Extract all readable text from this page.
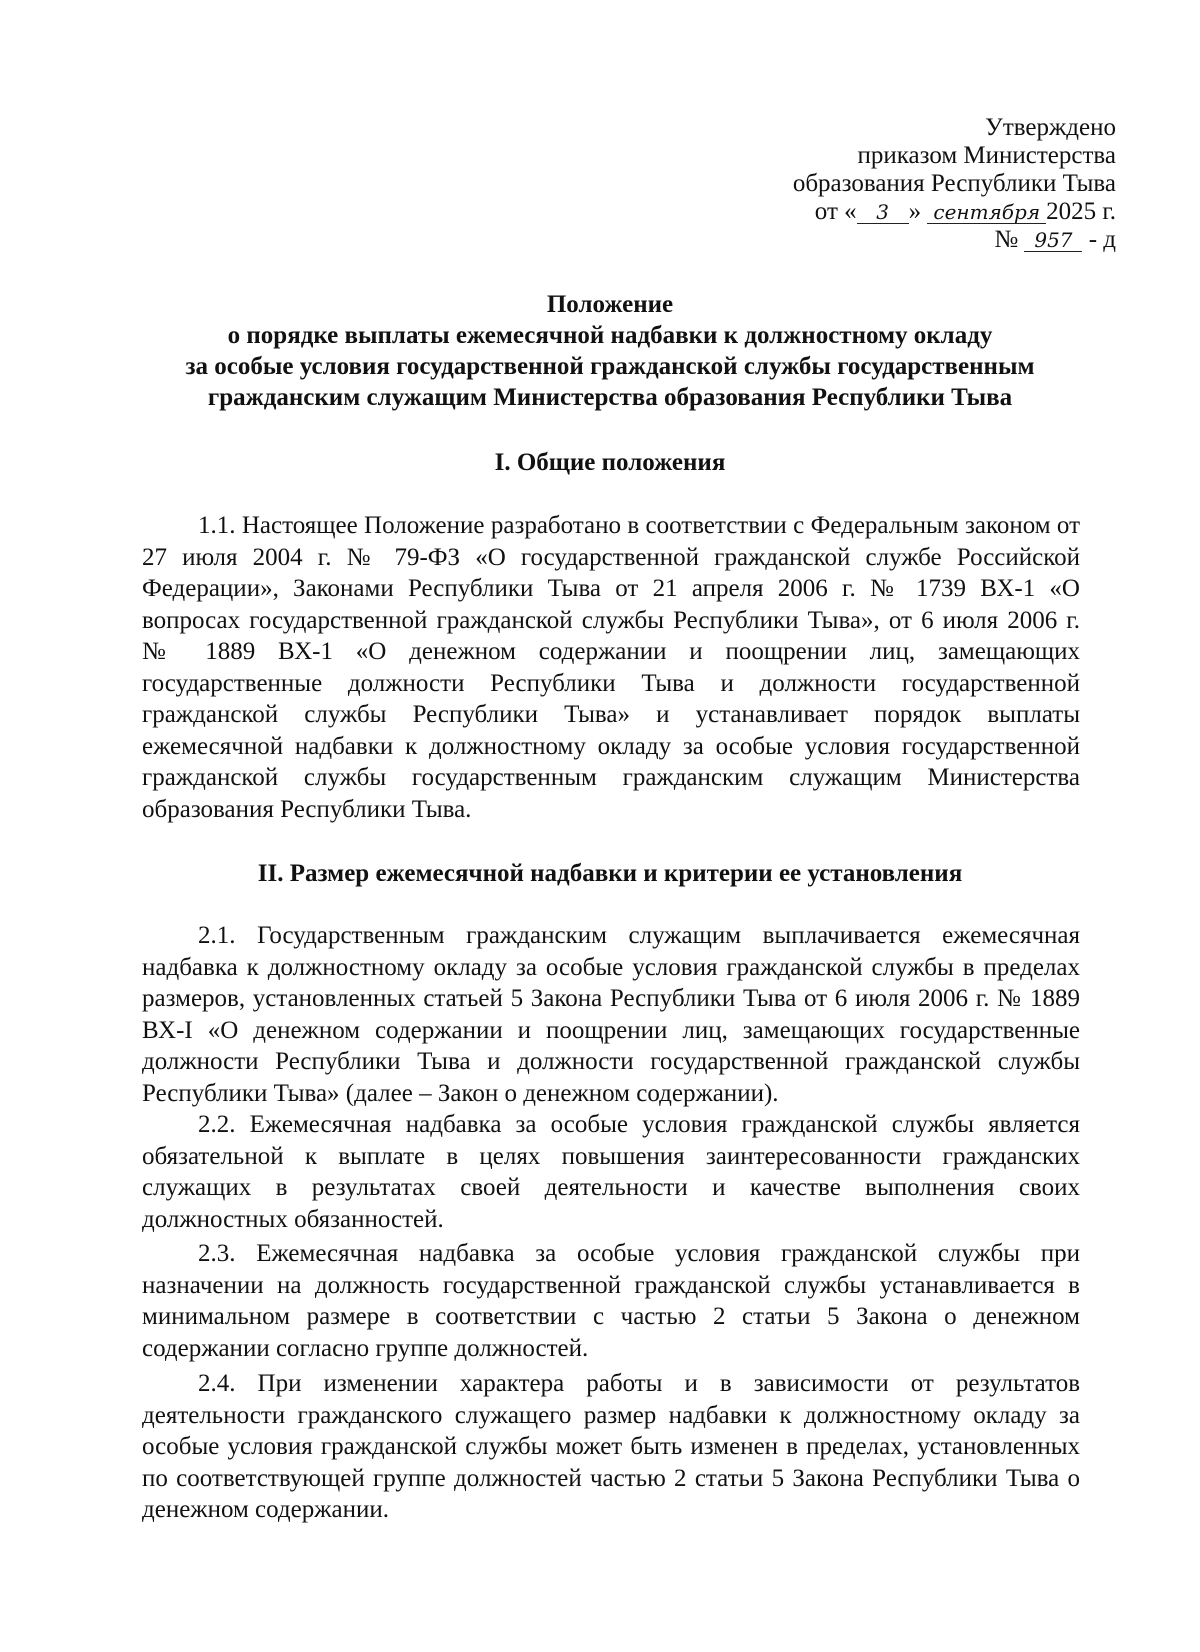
Утверждено
приказом Министерства
образования Республики Тыва
от « 3 » сентября 2025 г.
№ 957 - д
Положение
о порядке выплаты ежемесячной надбавки к должностному окладу
за особые условия государственной гражданской службы государственным
гражданским служащим Министерства образования Республики Тыва
I. Общие положения

1.1. Настоящее Положение разработано в соответствии с Федеральным законом от 27 июля 2004 г. № 79-ФЗ «О государственной гражданской службе Российской Федерации», Законами Республики Тыва от 21 апреля 2006 г. № 1739 ВХ-1 «О вопросах государственной гражданской службы Республики Тыва», от 6 июля 2006 г. № 1889 ВХ-1 «О денежном содержании и поощрении лиц, замещающих государственные должности Республики Тыва и должности государственной гражданской службы Республики Тыва» и устанавливает порядок выплаты ежемесячной надбавки к должностному окладу за особые условия государственной гражданской службы государственным гражданским служащим Министерства образования Республики Тыва.

II. Размер ежемесячной надбавки и критерии ее установления

2.1. Государственным гражданским служащим выплачивается ежемесячная надбавка к должностному окладу за особые условия гражданской службы в пределах размеров, установленных статьей 5 Закона Республики Тыва от 6 июля 2006 г. № 1889 ВХ-I «О денежном содержании и поощрении лиц, замещающих государственные должности Республики Тыва и должности государственной гражданской службы Республики Тыва» (далее – Закон о денежном содержании).

2.2. Ежемесячная надбавка за особые условия гражданской службы является обязательной к выплате в целях повышения заинтересованности гражданских служащих в результатах своей деятельности и качестве выполнения своих должностных обязанностей.

2.3. Ежемесячная надбавка за особые условия гражданской службы при назначении на должность государственной гражданской службы устанавливается в минимальном размере в соответствии с частью 2 статьи 5 Закона о денежном содержании согласно группе должностей.

2.4. При изменении характера работы и в зависимости от результатов деятельности гражданского служащего размер надбавки к должностному окладу за особые условия гражданской службы может быть изменен в пределах, установленных по соответствующей группе должностей частью 2 статьи 5 Закона Республики Тыва о денежном содержании.
